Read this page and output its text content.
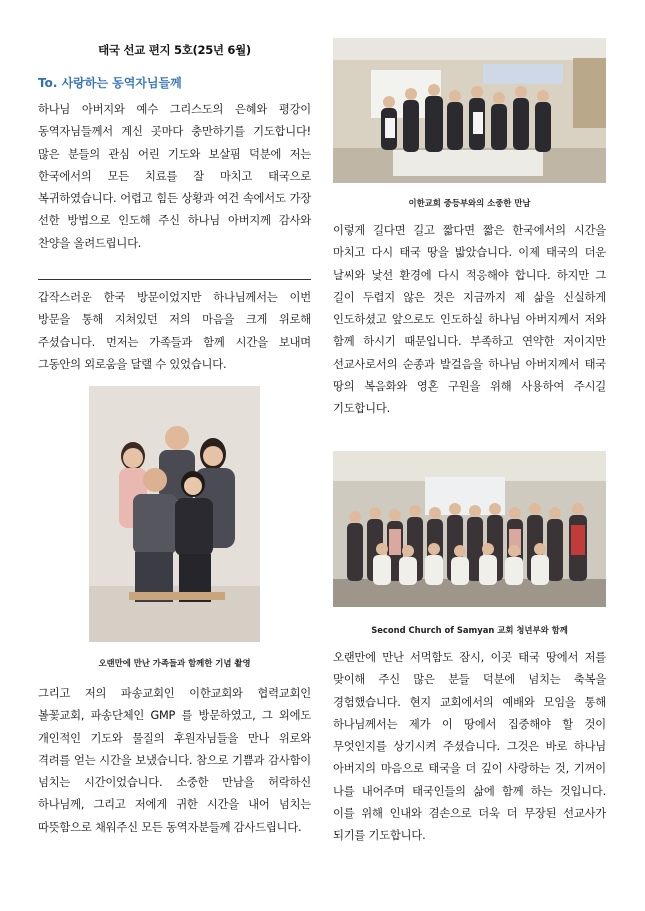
태국 선교 편지 5호(25년 6월)
To. 사랑하는 동역자님들께
하나님 아버지와 예수 그리스도의 은혜와 평강이 동역자님들께서 계신 곳마다 충만하기를 기도합니다! 많은 분들의 관심 어린 기도와 보살핌 덕분에 저는 한국에서의 모든 치료를 잘 마치고 태국으로 복귀하였습니다. 어렵고 힘든 상황과 여건 속에서도 가장 선한 방법으로 인도해 주신 하나님 아버지께 감사와 찬양을 올려드립니다.
갑작스러운 한국 방문이었지만 하나님께서는 이번 방문을 통해 지쳐있던 저의 마음을 크게 위로해 주셨습니다. 먼저는 가족들과 함께 시간을 보내며 그동안의 외로움을 달랠 수 있었습니다.
오랜만에 만난 가족들과 함께한 기념 촬영
그리고 저의 파송교회인 이한교회와 협력교회인 볼꽃교회, 파송단체인 GMP 를 방문하였고, 그 외에도 개인적인 기도와 물질의 후원자님들을 만나 위로와 격려를 얻는 시간을 보냈습니다. 참으로 기쁨과 감사함이 넘치는 시간이었습니다. 소중한 만남을 허락하신 하나님께, 그리고 저에게 귀한 시간을 내어 넘치는 따뜻함으로 채워주신 모든 동역자분들께 감사드립니다.
이한교회 중등부와의 소중한 만남
이렇게 길다면 길고 짧다면 짧은 한국에서의 시간을 마치고 다시 태국 땅을 밟았습니다. 이제 태국의 더운 날씨와 낯선 환경에 다시 적응해야 합니다. 하지만 그 길이 두렵지 않은 것은 지금까지 제 삶을 신실하게 인도하셨고 앞으로도 인도하실 하나님 아버지께서 저와 함께 하시기 때문입니다. 부족하고 연약한 저이지만 선교사로서의 순종과 발걸음을 하나님 아버지께서 태국 땅의 복음화와 영혼 구원을 위해 사용하여 주시길 기도합니다.
Second Church of Samyan 교회 청년부와 함께
오랜만에 만난 서먹함도 잠시, 이곳 태국 땅에서 저를 맞이해 주신 많은 분들 덕분에 넘치는 축복을 경험했습니다. 현지 교회에서의 예배와 모임을 통해 하나님께서는 제가 이 땅에서 집중해야 할 것이 무엇인지를 상기시켜 주셨습니다. 그것은 바로 하나님 아버지의 마음으로 태국을 더 깊이 사랑하는 것, 기꺼이 나를 내어주며 태국인들의 삶에 함께 하는 것입니다. 이를 위해 인내와 겸손으로 더욱 더 무장된 선교사가 되기를 기도합니다.
